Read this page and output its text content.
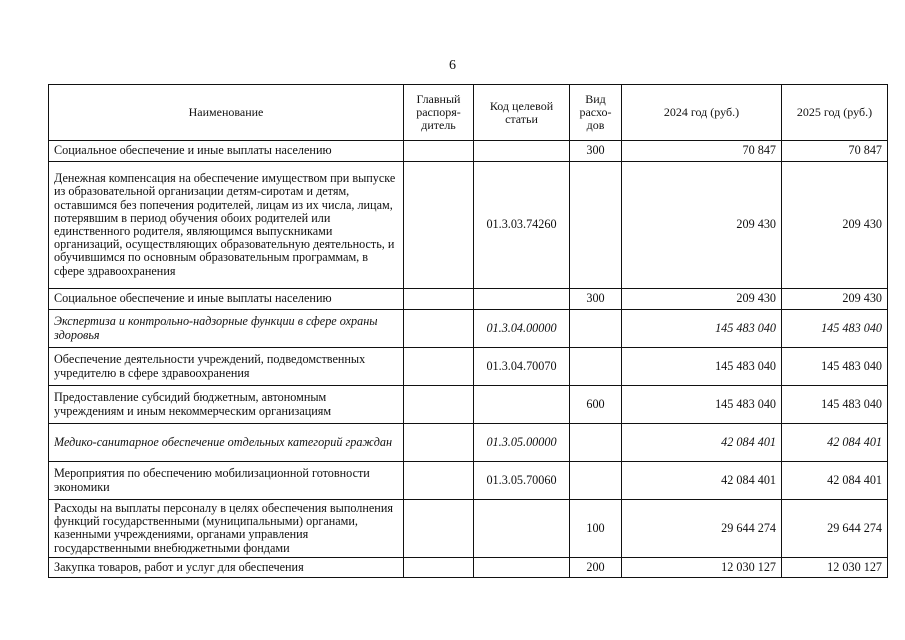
6
Наименование	Главный распоря-дитель	Код целевой статьи	Вид расхо-дов	2024 год (руб.)	2025 год (руб.)
Социальное обеспечение и иные выплаты населению			300	70 847	70 847
Денежная компенсация на обеспечение имуществом при выпуске из образовательной организации детям-сиротам и детям, оставшимся без попечения родителей, лицам из их числа, лицам, потерявшим в период обучения обоих родителей или единственного родителя, являющимся выпускниками организаций, осуществляющих образовательную деятельность, и обучившимся по основным образовательным программам, в сфере здравоохранения		01.3.03.74260		209 430	209 430
Социальное обеспечение и иные выплаты населению			300	209 430	209 430
Экспертиза и контрольно-надзорные функции в сфере охраны здоровья		01.3.04.00000		145 483 040	145 483 040
Обеспечение деятельности учреждений, подведомственных учредителю в сфере здравоохранения		01.3.04.70070		145 483 040	145 483 040
Предоставление субсидий бюджетным, автономным учреждениям и иным некоммерческим организациям			600	145 483 040	145 483 040
Медико-санитарное обеспечение отдельных категорий граждан		01.3.05.00000		42 084 401	42 084 401
Мероприятия по обеспечению мобилизационной готовности экономики		01.3.05.70060		42 084 401	42 084 401
Расходы на выплаты персоналу в целях обеспечения выполнения функций государственными (муниципальными) органами, казенными учреждениями, органами управления государственными внебюджетными фондами			100	29 644 274	29 644 274
Закупка товаров, работ и услуг для обеспечения			200	12 030 127	12 030 127
